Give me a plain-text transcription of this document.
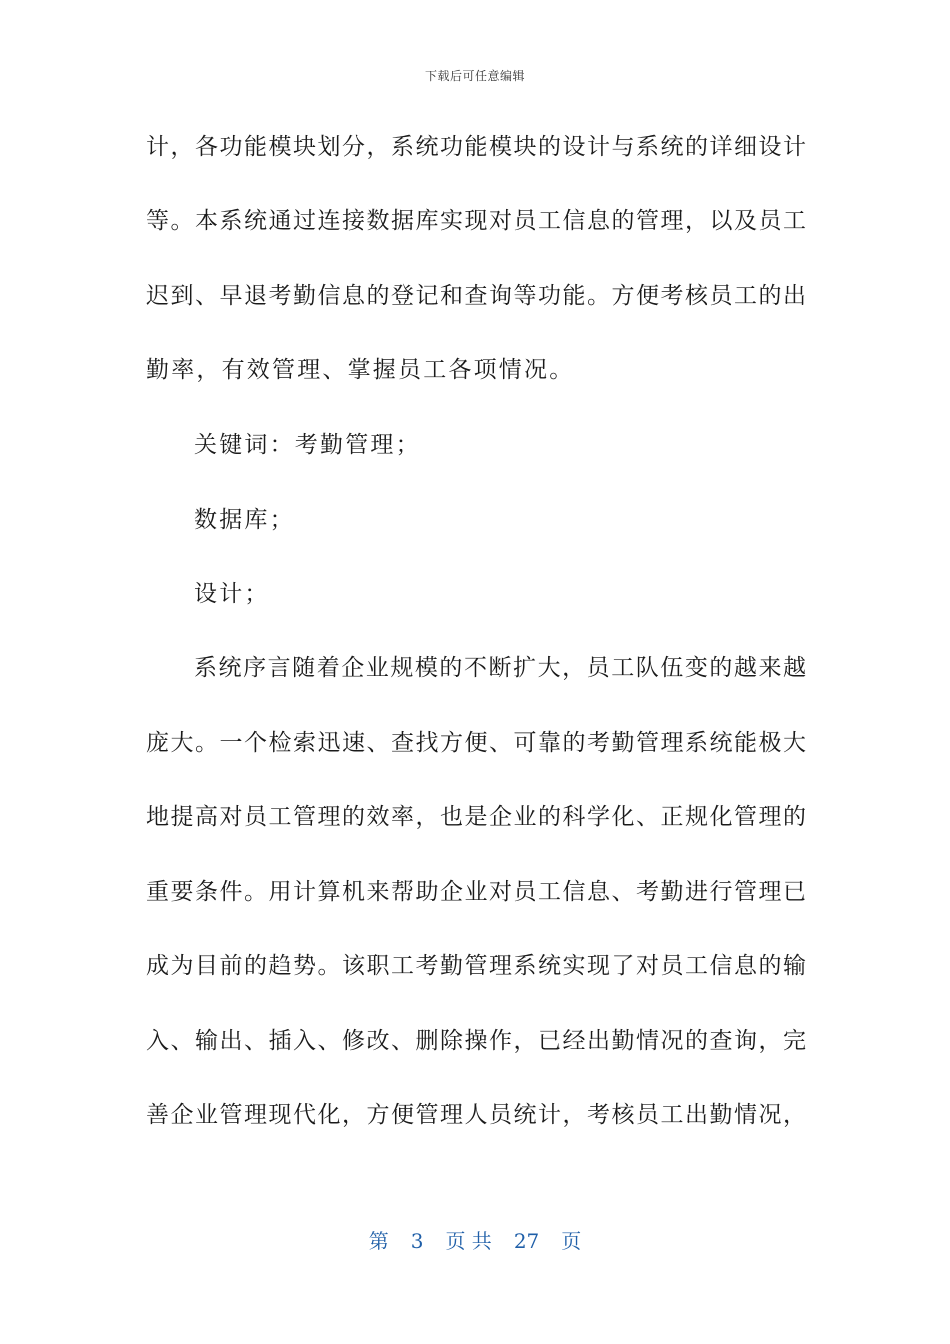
下载后可任意编辑
计，各功能模块划分，系统功能模块的设计与系统的详细设计
等。本系统通过连接数据库实现对员工信息的管理，以及员工
迟到、早退考勤信息的登记和查询等功能。方便考核员工的出
勤率，有效管理、掌握员工各项情况。
关键词：考勤管理；
数据库；
设计；
系统序言随着企业规模的不断扩大，员工队伍变的越来越
庞大。一个检索迅速、查找方便、可靠的考勤管理系统能极大
地提高对员工管理的效率，也是企业的科学化、正规化管理的
重要条件。用计算机来帮助企业对员工信息、考勤进行管理已
成为目前的趋势。该职工考勤管理系统实现了对员工信息的输
入、输出、插入、修改、删除操作，已经出勤情况的查询，完
善企业管理现代化，方便管理人员统计，考核员工出勤情况，
第 3 页 共 27 页
